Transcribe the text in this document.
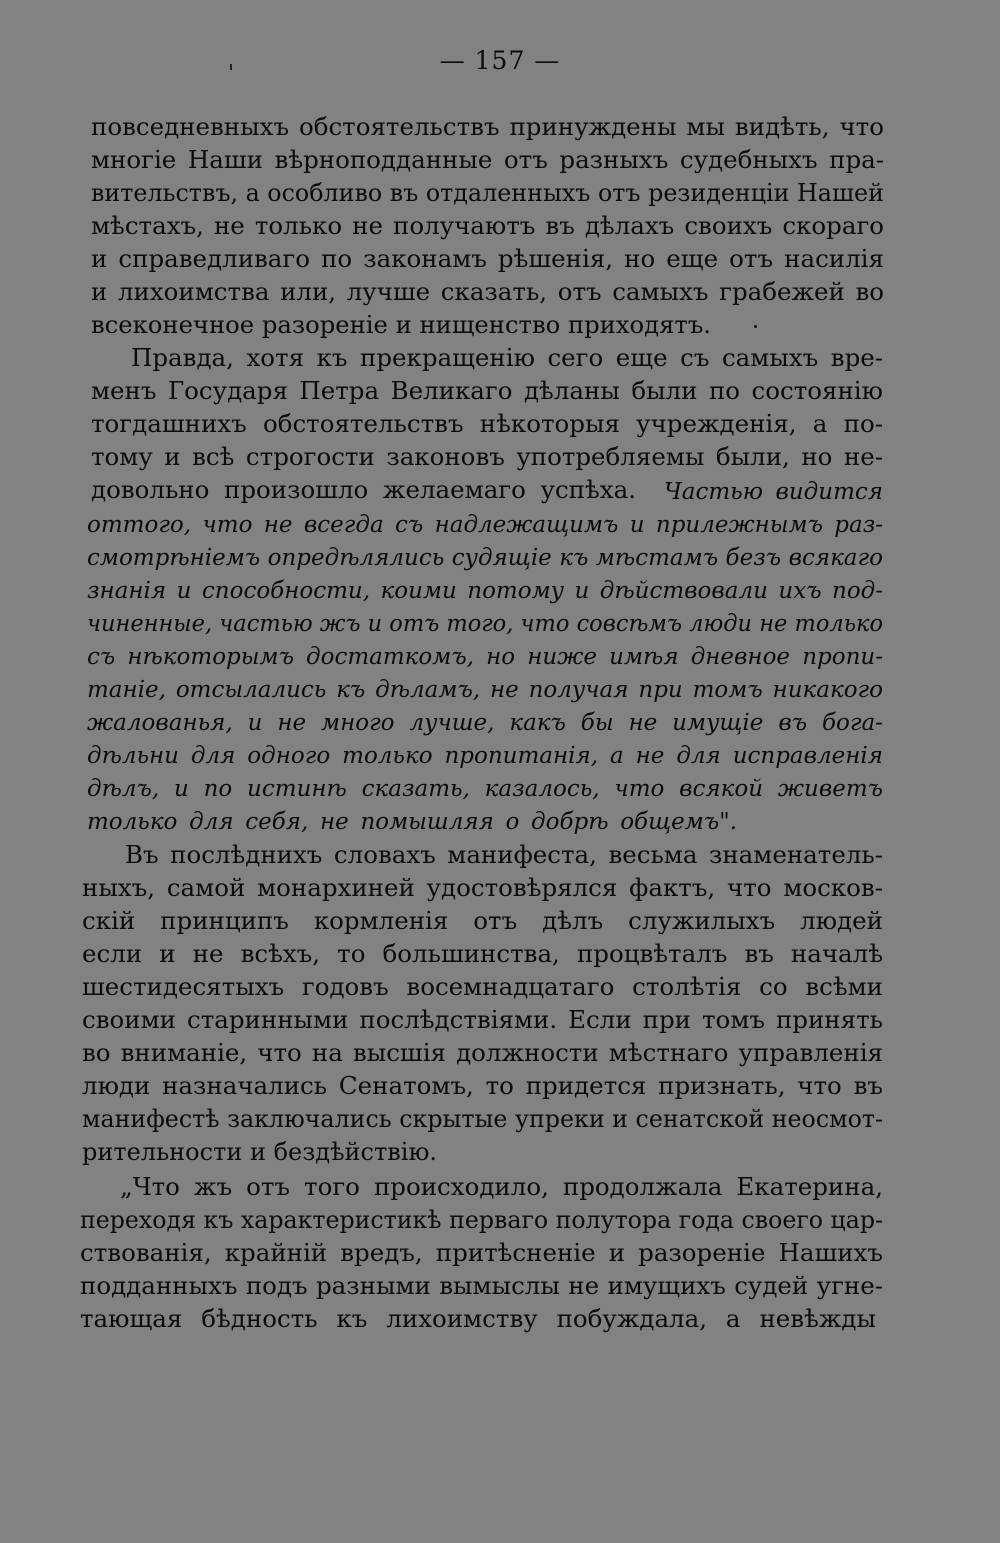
— 157 —
повседневныхъ обстоятельствъ принуждены мы видѣть, что
многіе Наши вѣрноподданные отъ разныхъ судебныхъ пра-
вительствъ, а особливо въ отдаленныхъ отъ резиденціи Нашей
мѣстахъ, не только не получаютъ въ дѣлахъ своихъ скораго
и справедливаго по законамъ рѣшенія, но еще отъ насилія
и лихоимства или, лучше сказать, отъ самыхъ грабежей во
всеконечное разореніе и нищенство приходятъ.
Правда, хотя къ прекращенію сего еще съ самыхъ вре-
менъ Государя Петра Великаго дѣланы были по состоянію
тогдашнихъ обстоятельствъ нѣкоторыя учрежденія, а по-
тому и всѣ строгости законовъ употребляемы были, но не-
довольно произошло желаемаго успѣха. Частью видится
оттого, что не всегда съ надлежащимъ и прилежнымъ раз-
смотрѣніемъ опредѣлялись судящіе къ мѣстамъ безъ всякаго
знанія и способности, коими потому и дѣйствовали ихъ под-
чиненные, частью жъ и отъ того, что совсѣмъ люди не только
съ нѣкоторымъ достаткомъ, но ниже имѣя дневное пропи-
таніе, отсылались къ дѣламъ, не получая при томъ никакого
жалованья, и не много лучше, какъ бы не имущіе въ бога-
дѣльни для одного только пропитанія, а не для исправленія
дѣлъ, и по истинѣ сказать, казалось, что всякой живетъ
только для себя, не помышляя о добрѣ общемъ".
Въ послѣднихъ словахъ манифеста, весьма знаменатель-
ныхъ, самой монархиней удостовѣрялся фактъ, что москов-
скій принципъ кормленія отъ дѣлъ служилыхъ людей
если и не всѣхъ, то большинства, процвѣталъ въ началѣ
шестидесятыхъ годовъ восемнадцатаго столѣтія со всѣми
своими старинными послѣдствіями. Если при томъ принять
во вниманіе, что на высшія должности мѣстнаго управленія
люди назначались Сенатомъ, то придется признать, что въ
манифестѣ заключались скрытые упреки и сенатской неосмот-
рительности и бездѣйствію.
„Что жъ отъ того происходило, продолжала Екатерина,
переходя къ характеристикѣ перваго полутора года своего цар-
ствованія, крайній вредъ, притѣсненіе и разореніе Нашихъ
подданныхъ подъ разными вымыслы не имущихъ судей угне-
тающая бѣдность къ лихоимству побуждала, а невѣжды
